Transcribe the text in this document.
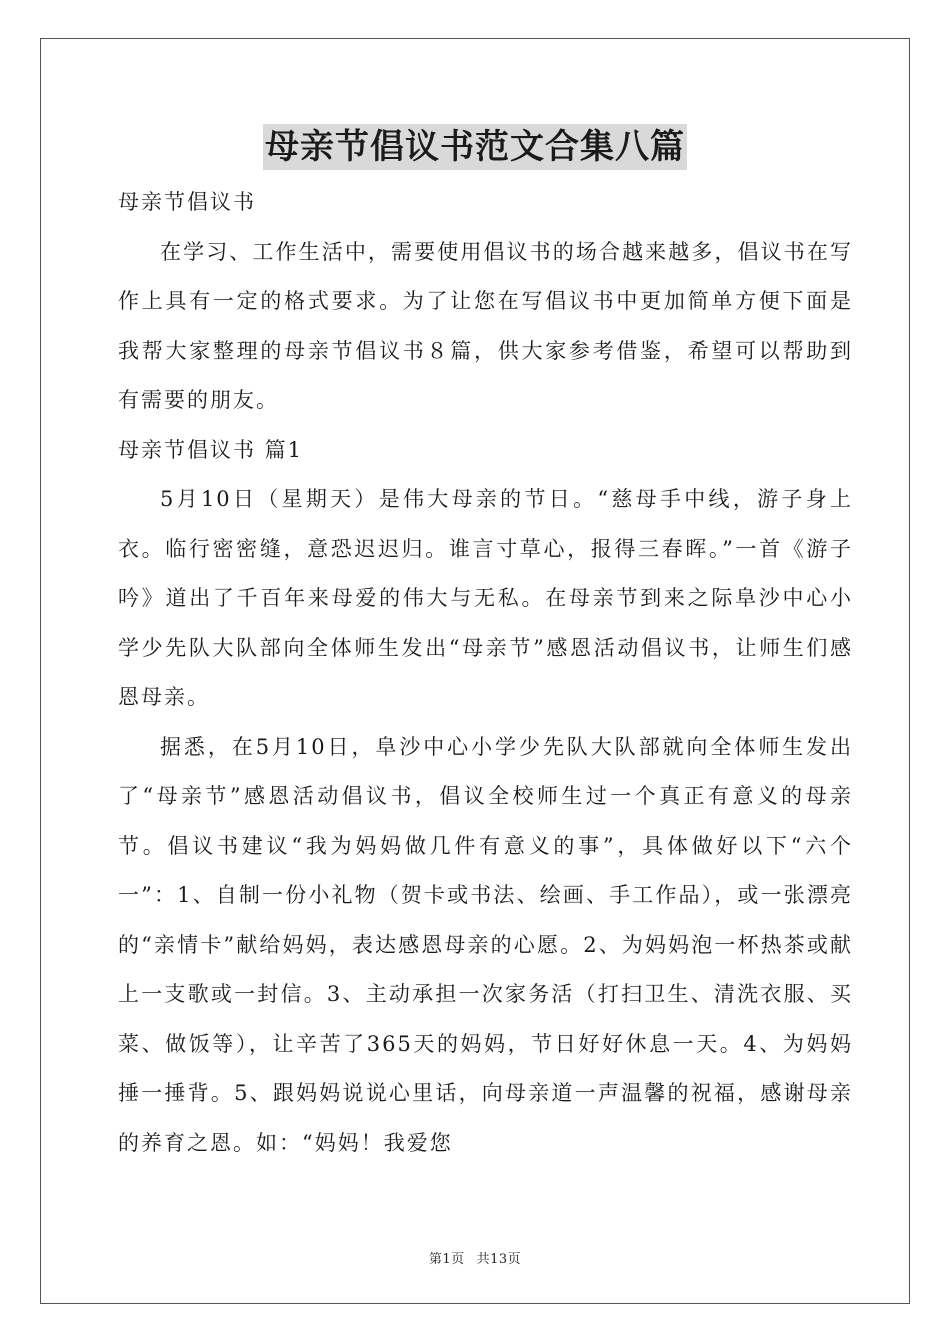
母亲节倡议书范文合集八篇

母亲节倡议书

在学习、工作生活中，需要使用倡议书的场合越来越多，倡议书在写作上具有一定的格式要求。为了让您在写倡议书中更加简单方便下面是我帮大家整理的母亲节倡议书８篇，供大家参考借鉴，希望可以帮助到有需要的朋友。

母亲节倡议书 篇1

5月10日（星期天）是伟大母亲的节日。“慈母手中线，游子身上衣。临行密密缝，意恐迟迟归。谁言寸草心，报得三春晖。”一首《游子吟》道出了千百年来母爱的伟大与无私。在母亲节到来之际阜沙中心小学少先队大队部向全体师生发出“母亲节”感恩活动倡议书，让师生们感恩母亲。

据悉，在5月10日，阜沙中心小学少先队大队部就向全体师生发出了“母亲节”感恩活动倡议书，倡议全校师生过一个真正有意义的母亲节。倡议书建议“我为妈妈做几件有意义的事”，具体做好以下“六个一”：1、自制一份小礼物（贺卡或书法、绘画、手工作品），或一张漂亮的“亲情卡”献给妈妈，表达感恩母亲的心愿。2、为妈妈泡一杯热茶或献上一支歌或一封信。3、主动承担一次家务活（打扫卫生、清洗衣服、买菜、做饭等），让辛苦了365天的妈妈，节日好好休息一天。4、为妈妈捶一捶背。5、跟妈妈说说心里话，向母亲道一声温馨的祝福，感谢母亲的养育之恩。如：“妈妈！我爱您

第1页 共13页
